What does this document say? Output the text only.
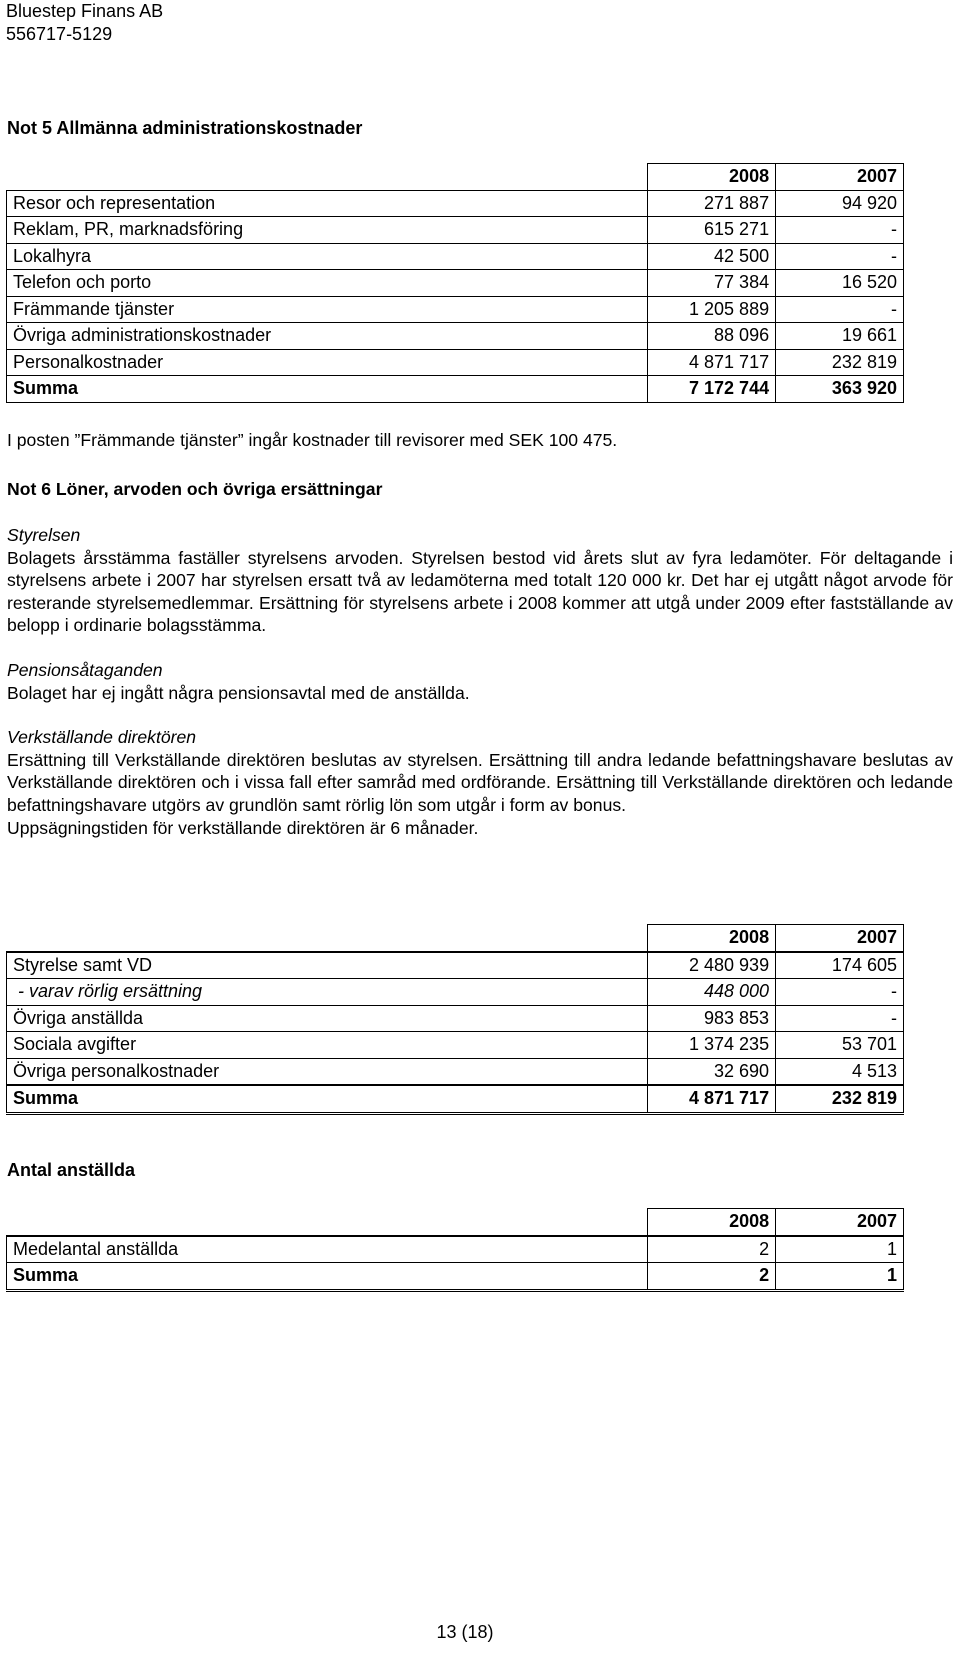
Bluestep Finans AB
556717-5129
Not 5 Allmänna administrationskostnader
	2008	2007
Resor och representation	271 887	94 920
Reklam, PR, marknadsföring	615 271	-
Lokalhyra	42 500	-
Telefon och porto	77 384	16 520
Främmande tjänster	1 205 889	-
Övriga administrationskostnader	88 096	19 661
Personalkostnader	4 871 717	232 819
Summa	7 172 744	363 920
I posten ”Främmande tjänster” ingår kostnader till revisorer med SEK 100 475.
Not 6 Löner, arvoden och övriga ersättningar

Styrelsen

Bolagets årsstämma faställer styrelsens arvoden. Styrelsen bestod vid årets slut av fyra ledamöter. För deltagande i styrelsens arbete i 2007 har styrelsen ersatt två av ledamöterna med totalt 120 000 kr. Det har ej utgått något arvode för resterande styrelsemedlemmar. Ersättning för styrelsens arbete i 2008 kommer att utgå under 2009 efter fastställande av belopp i ordinarie bolagsstämma.

Pensionsåtaganden

Bolaget har ej ingått några pensionsavtal med de anställda.

Verkställande direktören

Ersättning till Verkställande direktören beslutas av styrelsen. Ersättning till andra ledande befattningshavare beslutas av Verkställande direktören och i vissa fall efter samråd med ordförande. Ersättning till Verkställande direktören och ledande befattningshavare utgörs av grundlön samt rörlig lön som utgår i form av bonus.

Uppsägningstiden för verkställande direktören är 6 månader.

	2008	2007
Styrelse samt VD	2 480 939	174 605
- varav rörlig ersättning	448 000	-
Övriga anställda	983 853	-
Sociala avgifter	1 374 235	53 701
Övriga personalkostnader	32 690	4 513
Summa	4 871 717	232 819
Antal anställda
	2008	2007
Medelantal anställda	2	1
Summa	2	1
13 (18)
